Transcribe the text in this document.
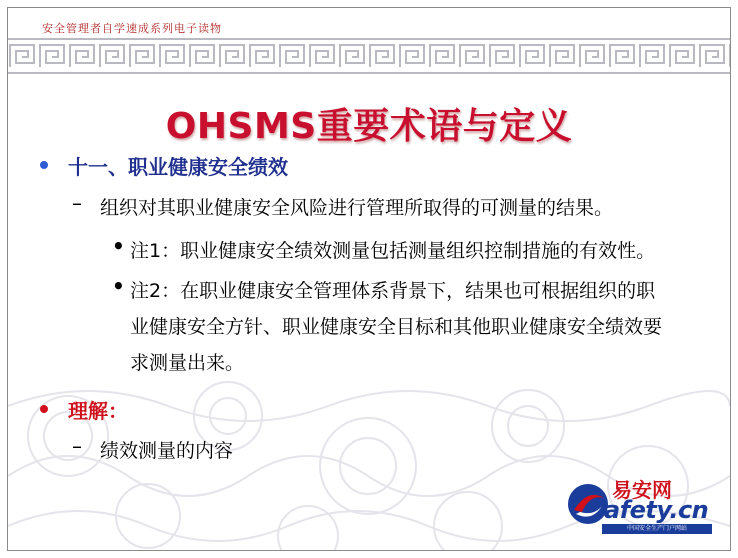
安全管理者自学速成系列电子读物
OHSMS重要术语与定义
十一、职业健康安全绩效
– 组织对其职业健康安全风险进行管理所取得的可测量的结果。
• 注1：职业健康安全绩效测量包括测量组织控制措施的有效性。
• 注2：在职业健康安全管理体系背景下，结果也可根据组织的职
业健康安全方针、职业健康安全目标和其他职业健康安全绩效要
求测量出来。
理解：
– 绩效测量的内容
易安网
afety.cn
中国安全生产门户网站
